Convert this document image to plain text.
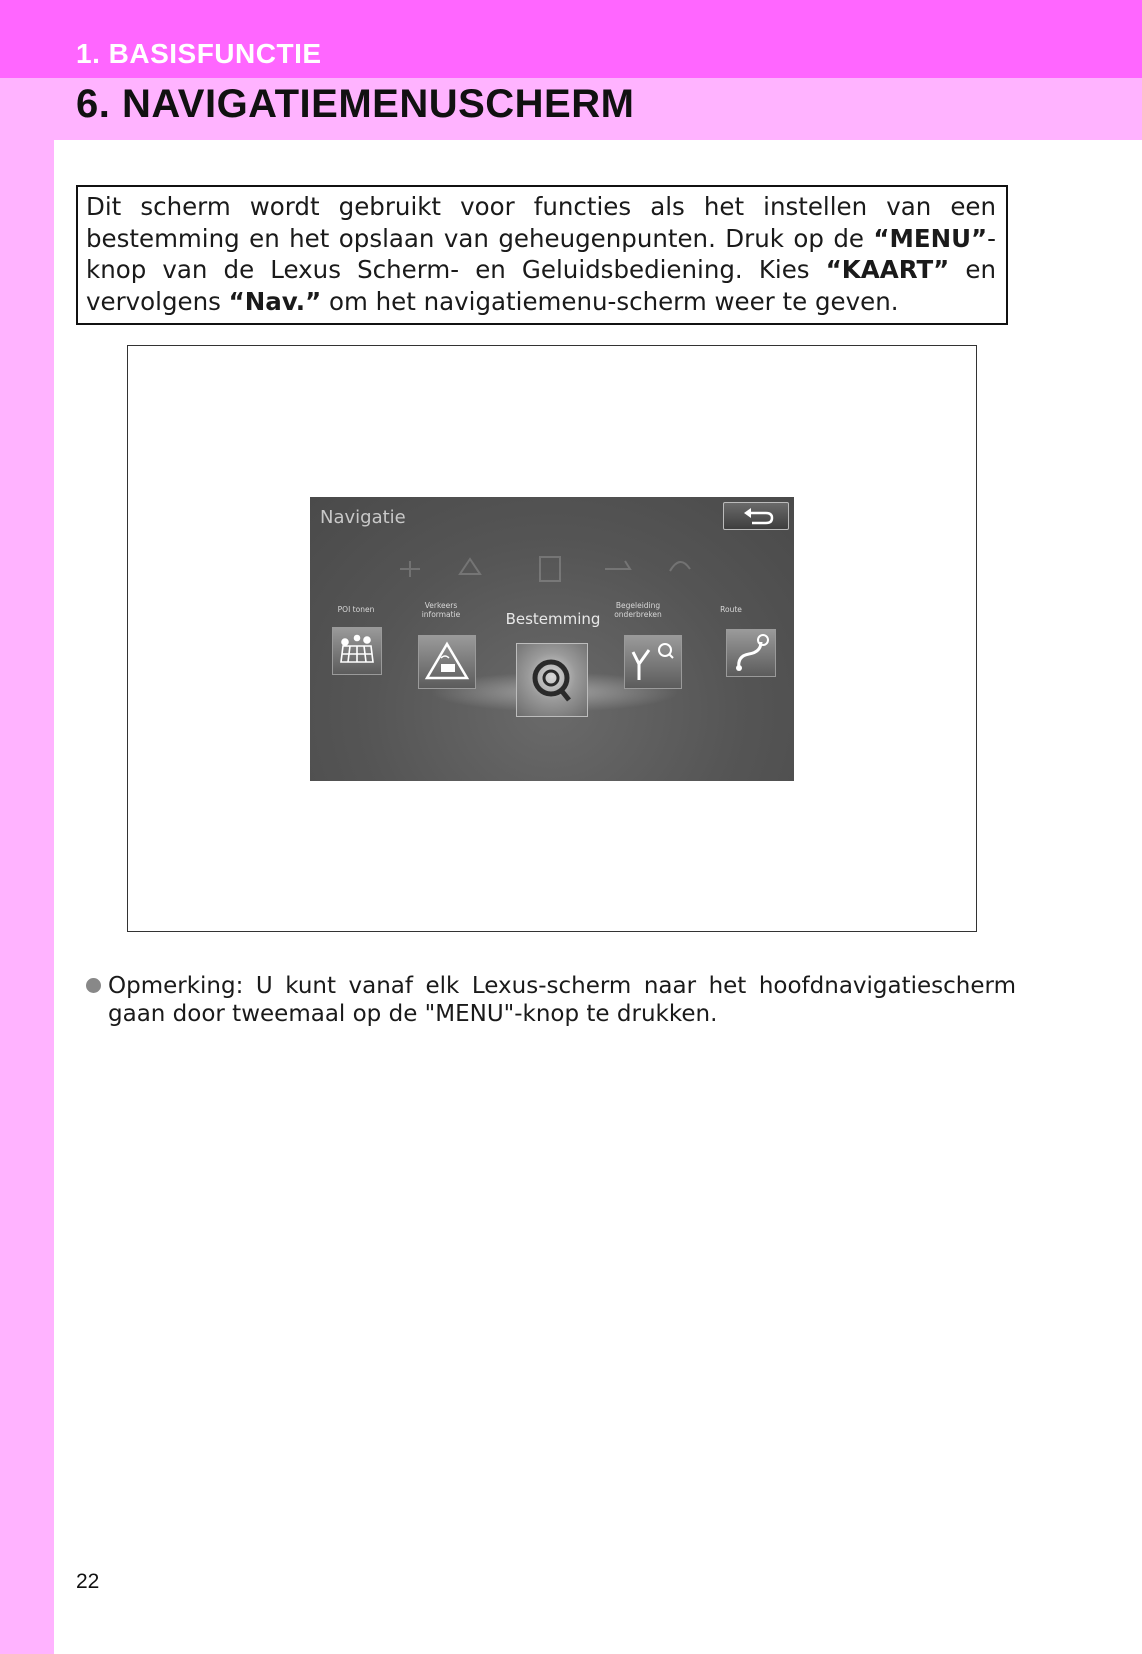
1. BASISFUNCTIE
6. NAVIGATIEMENUSCHERM
Dit scherm wordt gebruikt voor functies als het instellen van een bestemming en het opslaan van geheugenpunten. Druk op de “MENU”-knop van de Lexus Scherm- en Geluidsbediening. Kies “KAART” en vervolgens “Nav.” om het navigatiemenu-scherm weer te geven.
Navigatie
POI tonen	Verkeers informatie	Bestemming
Begeleiding onderbreken
Route
Opmerking: U kunt vanaf elk Lexus-scherm naar het hoofdnavigatiescherm gaan door tweemaal op de "MENU"-knop te drukken.
22
